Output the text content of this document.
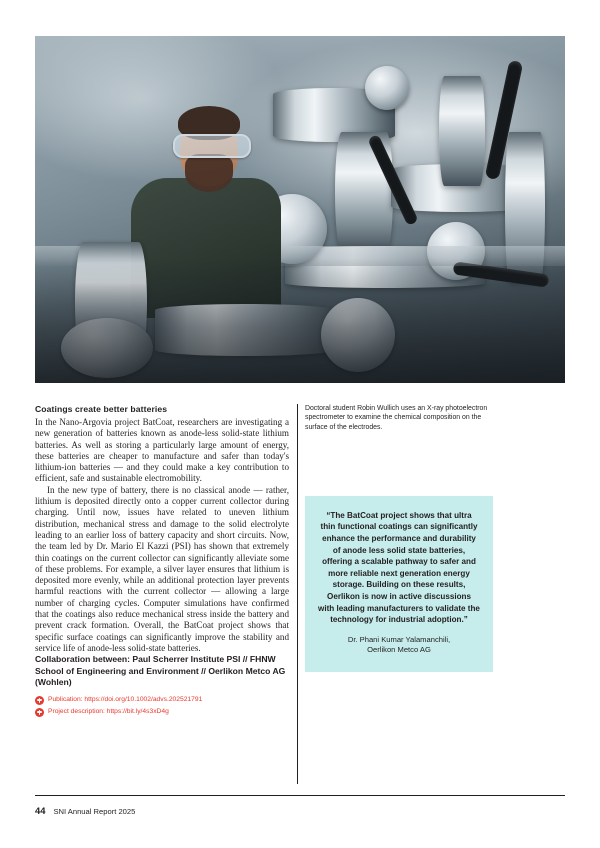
Coatings create better batteries

In the Nano-Argovia project BatCoat, researchers are investigating a new generation of batteries known as anode-less solid-state lithium batteries. As well as storing a particularly large amount of energy, these batteries are cheaper to manufacture and safer than today's lithium-ion batteries — and they could make a key contribution to efficient, safe and sustainable electromobility.

In the new type of battery, there is no classical anode — rather, lithium is deposited directly onto a copper current collector during charging. Until now, issues have related to uneven lithium distribution, mechanical stress and damage to the solid electrolyte leading to an earlier loss of battery capacity and short circuits. Now, the team led by Dr. Mario El Kazzi (PSI) has shown that extremely thin coatings on the current collector can significantly alleviate some of these problems. For example, a silver layer ensures that lithium is deposited more evenly, while an additional protection layer prevents harmful reactions with the current collector — allowing a large number of charging cycles. Computer simulations have confirmed that the coatings also reduce mechanical stress inside the battery and prevent crack formation. Overall, the BatCoat project shows that specific surface coatings can significantly improve the stability and service life of anode-less solid-state batteries.

Collaboration between: Paul Scherrer Institute PSI // FHNW School of Engineering and Environment // Oerlikon Metco AG (Wohlen)

Publication: https://doi.org/10.1002/advs.202521791
Project description: https://bit.ly/4s3xD4g

Doctoral student Robin Wullich uses an X-ray photoelectron spectrometer to examine the chemical composition on the surface of the electrodes.

“The BatCoat project shows that ultra thin functional coatings can significantly enhance the performance and durability of anode less solid state batteries, offering a scalable pathway to safer and more reliable next generation energy storage. Building on these results, Oerlikon is now in active discussions with leading manufacturers to validate the technology for industrial adoption.”

Dr. Phani Kumar Yalamanchili,
Oerlikon Metco AG

44 SNI Annual Report 2025
